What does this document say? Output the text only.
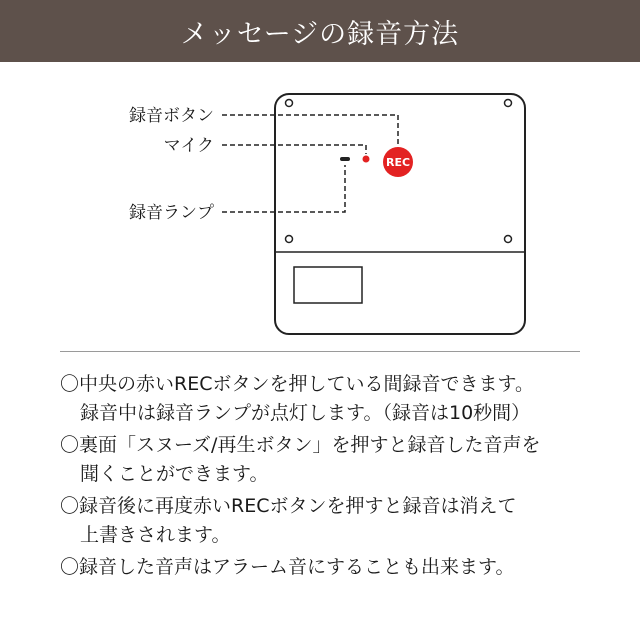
メッセージの録音方法
REC
録音ボタン
マイク
録音ランプ
〇中央の赤いRECボタンを押している間録音できます。
録音中は録音ランプが点灯します。（録音は10秒間）
〇裏面「スヌーズ/再生ボタン」を押すと録音した音声を
聞くことができます。
〇録音後に再度赤いRECボタンを押すと録音は消えて
上書きされます。
〇録音した音声はアラーム音にすることも出来ます。
